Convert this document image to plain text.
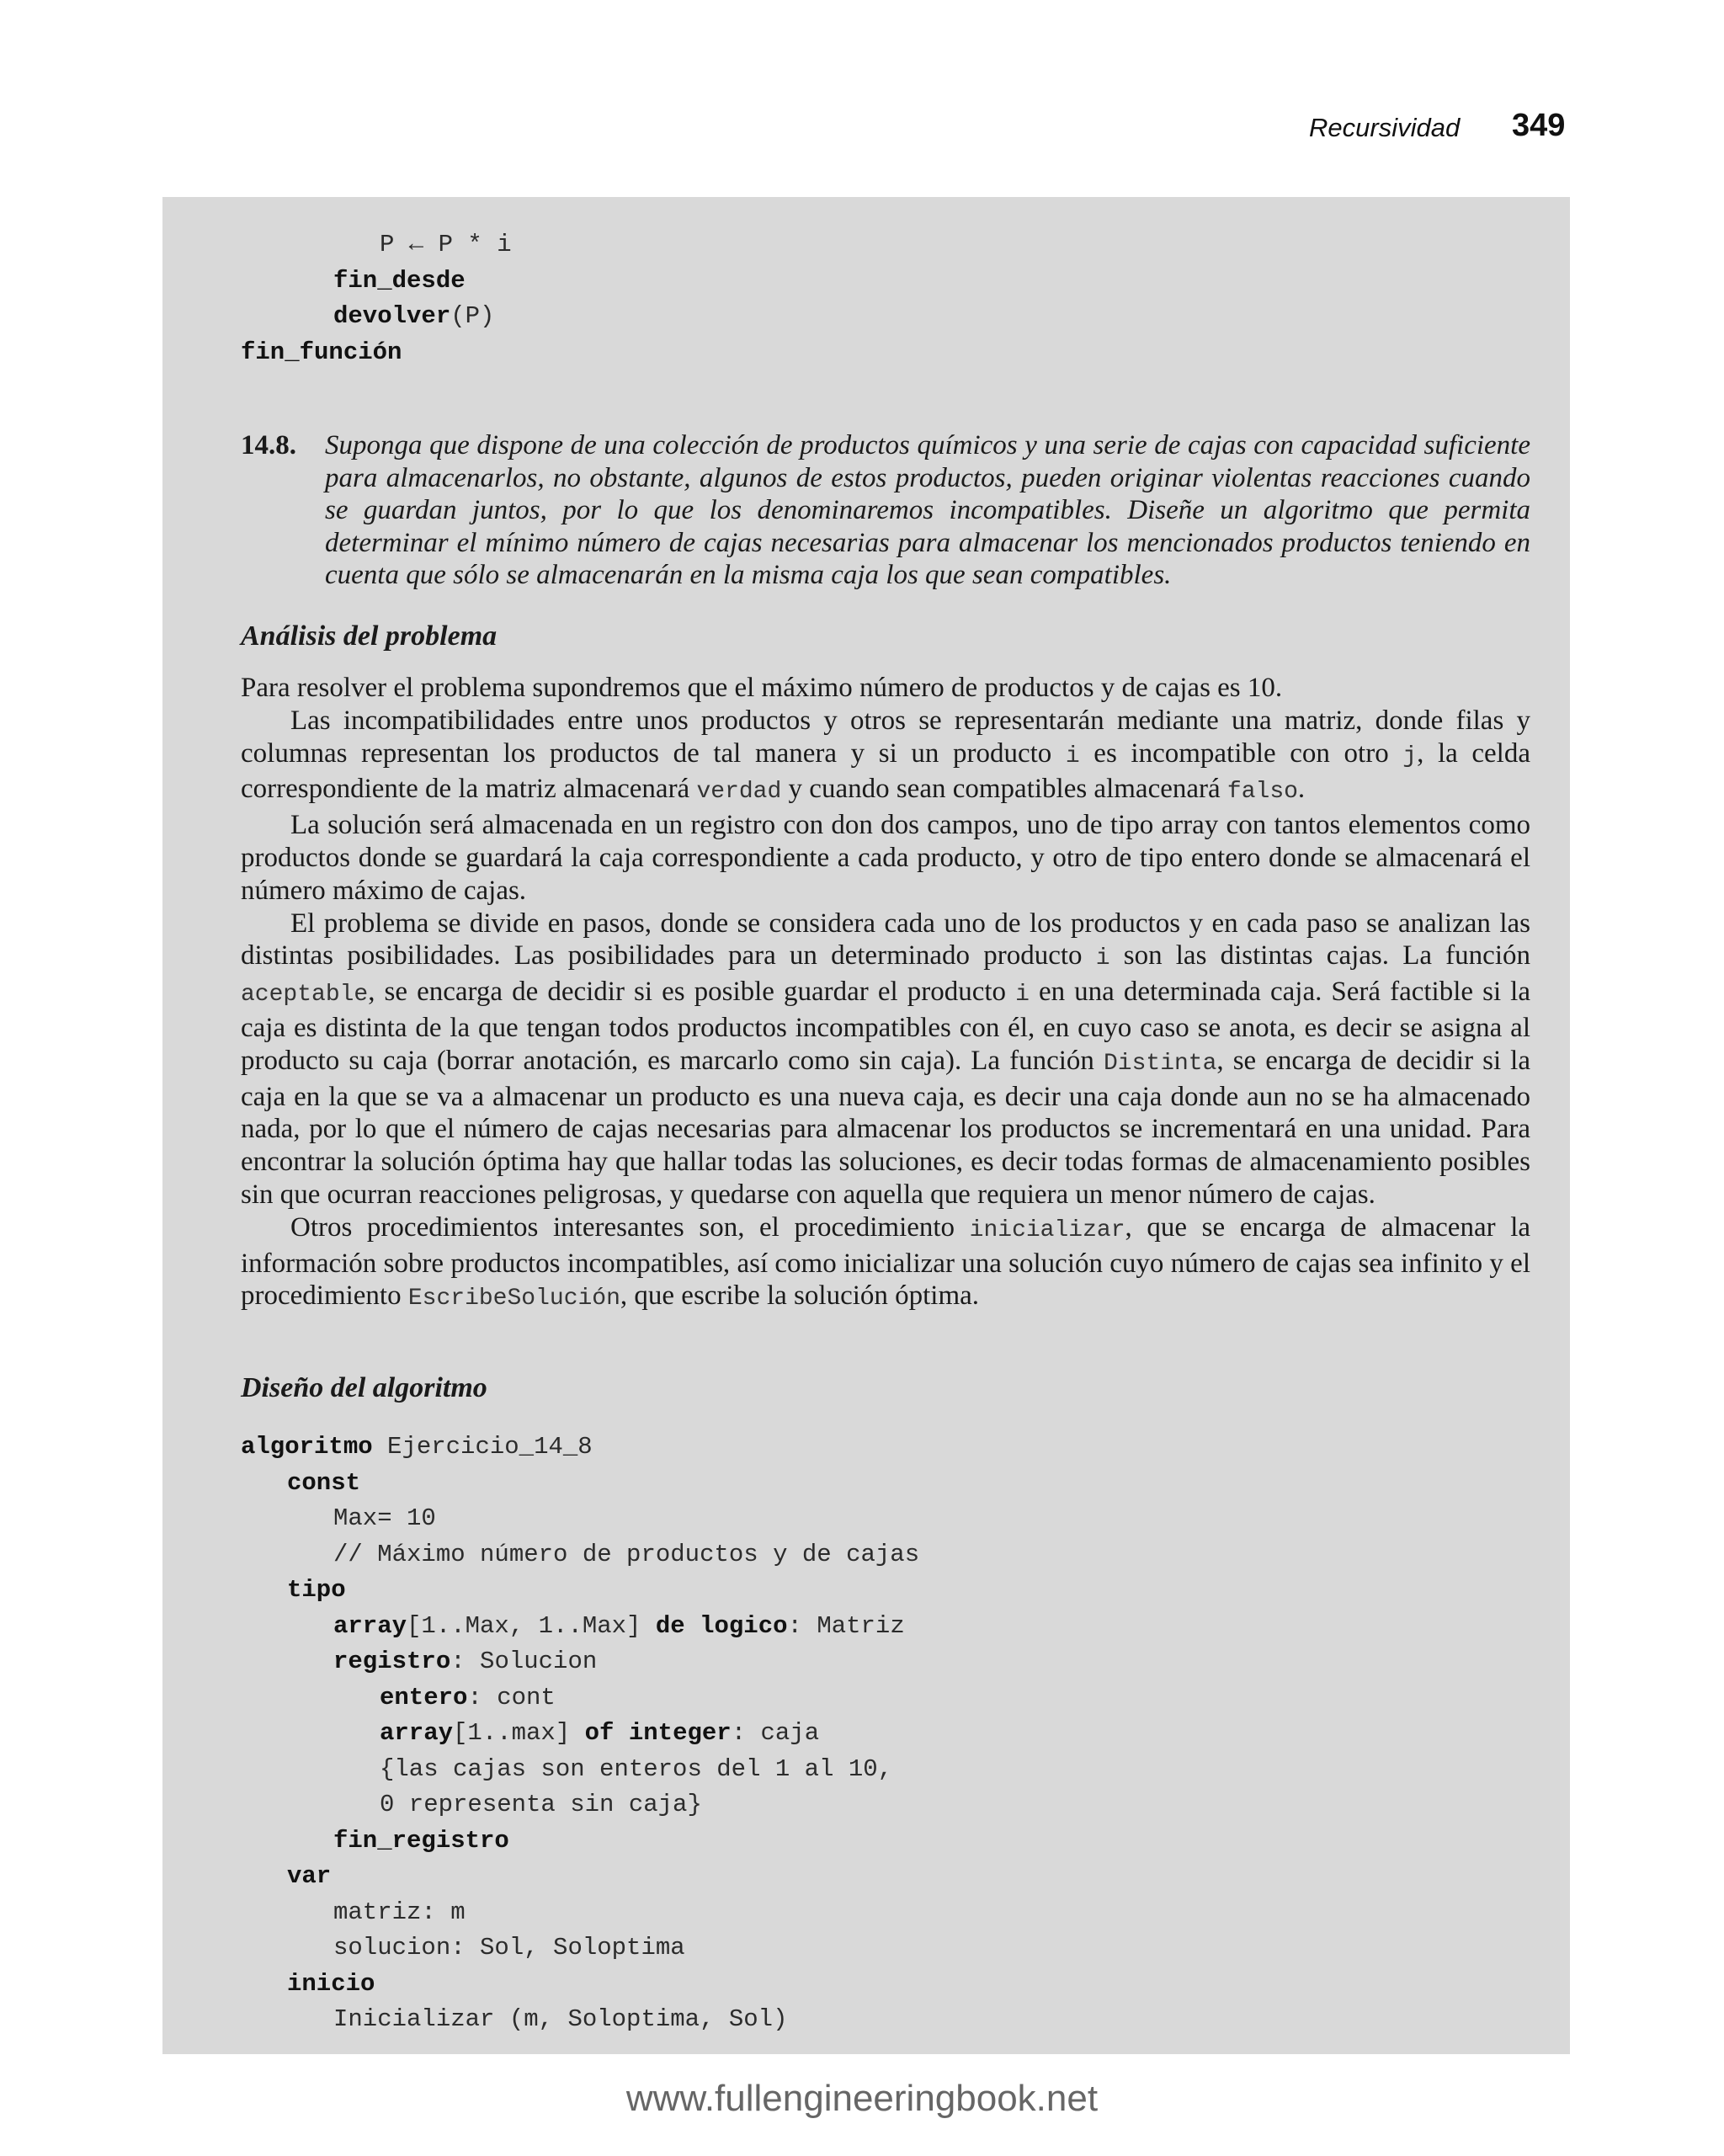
Recursividad 349
P ← P * i
fin_desde
devolver(P)
fin_función
14.8. Suponga que dispone de una colección de productos químicos y una serie de cajas con capacidad suficiente para almacenarlos, no obstante, algunos de estos productos, pueden originar violentas reacciones cuando se guardan juntos, por lo que los denominaremos incompatibles. Diseñe un algoritmo que permita determinar el mínimo número de cajas necesarias para almacenar los mencionados productos teniendo en cuenta que sólo se almacenarán en la misma caja los que sean compatibles.
Análisis del problema

Para resolver el problema supondremos que el máximo número de productos y de cajas es 10.

Las incompatibilidades entre unos productos y otros se representarán mediante una matriz, donde filas y columnas representan los productos de tal manera y si un producto i es incompatible con otro j, la celda correspondiente de la matriz almacenará verdad y cuando sean compatibles almacenará falso.

La solución será almacenada en un registro con don dos campos, uno de tipo array con tantos elementos como productos donde se guardará la caja correspondiente a cada producto, y otro de tipo entero donde se almacenará el número máximo de cajas.

El problema se divide en pasos, donde se considera cada uno de los productos y en cada paso se analizan las distintas posibilidades. Las posibilidades para un determinado producto i son las distintas cajas. La función aceptable, se encarga de decidir si es posible guardar el producto i en una determinada caja. Será factible si la caja es distinta de la que tengan todos productos incompatibles con él, en cuyo caso se anota, es decir se asigna al producto su caja (borrar anotación, es marcarlo como sin caja). La función Distinta, se encarga de decidir si la caja en la que se va a almacenar un producto es una nueva caja, es decir una caja donde aun no se ha almacenado nada, por lo que el número de cajas necesarias para almacenar los productos se incrementará en una unidad. Para encontrar la solución óptima hay que hallar todas las soluciones, es decir todas formas de almacenamiento posibles sin que ocurran reacciones peligrosas, y quedarse con aquella que requiera un menor número de cajas.

Otros procedimientos interesantes son, el procedimiento inicializar, que se encarga de almacenar la información sobre productos incompatibles, así como inicializar una solución cuyo número de cajas sea infinito y el procedimiento EscribeSolución, que escribe la solución óptima.

Diseño del algoritmo
algoritmo Ejercicio_14_8
const
Max= 10
// Máximo número de productos y de cajas
tipo
array[1..Max, 1..Max] de logico: Matriz
registro: Solucion
entero: cont
array[1..max] of integer: caja
{las cajas son enteros del 1 al 10,
0 representa sin caja}
fin_registro
var
matriz: m
solucion: Sol, Soloptima
inicio
Inicializar (m, Soloptima, Sol)
www.fullengineeringbook.net
